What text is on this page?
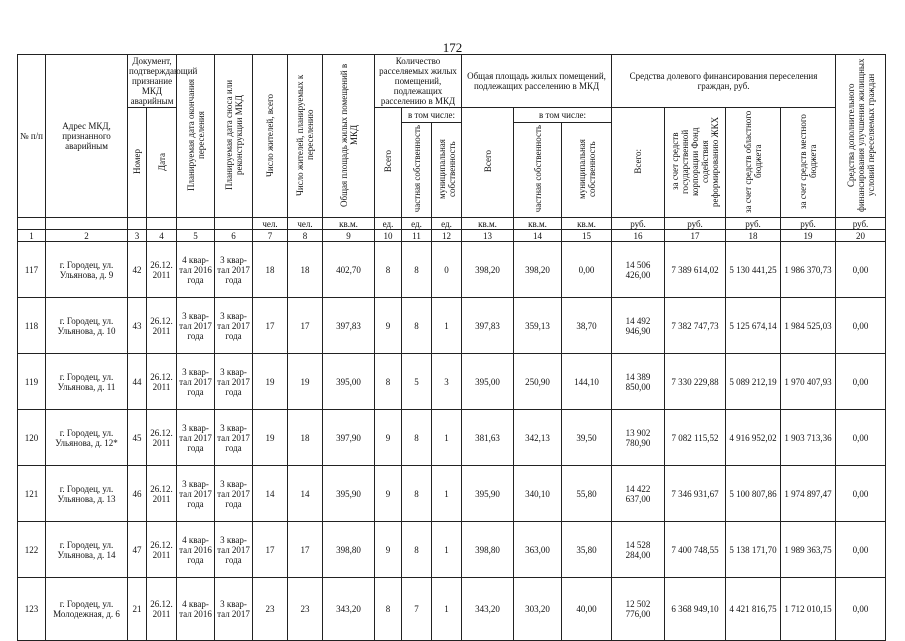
172
№ п/п	Адрес МКД, признанного аварийным	Документ, подтверждающий признание МКД аварийным		Планируемая дата окончания переселения	Планируемая дата сноса или реконструкции МКД	Число жителей, всего	Число жителей, планируемых к переселению	Общая площадь жилых помещений в МКД	Количество расселяемых жилых помещений, подлежащих расселению в МКД			Общая площадь жилых помещений, подлежащих расселению в МКД			Средства долевого финансирования переселения граждан, руб.				Средства дополнительного финансирования улучшения жилищных условий переселяемых граждан
		Номер	Дата						Всего	в том числе:		Всего	в том числе:		Всего:	за счет средств государственной корпорации Фонд содействия реформированию ЖКХ	за счет средств областного бюджета	за счет средств местного бюджета	
										частная собственность	муниципальная собственность		частная собственность	муниципальная собственность					
						чел.	чел.	кв.м.	ед.	ед.	ед.	кв.м.	кв.м.	кв.м.	руб.	руб.	руб.	руб.	руб.
1	2	3	4	5	6	7	8	9	10	11	12	13	14	15	16	17	18	19	20
117	г. Городец, ул. Ульянова, д. 9	42	26.12. 2011	4 квар- тал 2016 года	3 квар- тал 2017 года	18	18	402,70	8	8	0	398,20	398,20	0,00	14 506 426,00	7 389 614,02	5 130 441,25	1 986 370,73	0,00
118	г. Городец, ул. Ульянова, д. 10	43	26.12. 2011	3 квар- тал 2017 года	3 квар- тал 2017 года	17	17	397,83	9	8	1	397,83	359,13	38,70	14 492 946,90	7 382 747,73	5 125 674,14	1 984 525,03	0,00
119	г. Городец, ул. Ульянова, д. 11	44	26.12. 2011	3 квар- тал 2017 года	3 квар- тал 2017 года	19	19	395,00	8	5	3	395,00	250,90	144,10	14 389 850,00	7 330 229,88	5 089 212,19	1 970 407,93	0,00
120	г. Городец, ул. Ульянова, д. 12*	45	26.12. 2011	3 квар- тал 2017 года	3 квар- тал 2017 года	19	18	397,90	9	8	1	381,63	342,13	39,50	13 902 780,90	7 082 115,52	4 916 952,02	1 903 713,36	0,00
121	г. Городец, ул. Ульянова, д. 13	46	26.12. 2011	3 квар- тал 2017 года	3 квар- тал 2017 года	14	14	395,90	9	8	1	395,90	340,10	55,80	14 422 637,00	7 346 931,67	5 100 807,86	1 974 897,47	0,00
122	г. Городец, ул. Ульянова, д. 14	47	26.12. 2011	4 квар- тал 2016 года	3 квар- тал 2017 года	17	17	398,80	9	8	1	398,80	363,00	35,80	14 528 284,00	7 400 748,55	5 138 171,70	1 989 363,75	0,00
123	г. Городец, ул. Молодежная, д. 6	21	26.12. 2011	4 квар- тал 2016	3 квар- тал 2017	23	23	343,20	8	7	1	343,20	303,20	40,00	12 502 776,00	6 368 949,10	4 421 816,75	1 712 010,15	0,00
